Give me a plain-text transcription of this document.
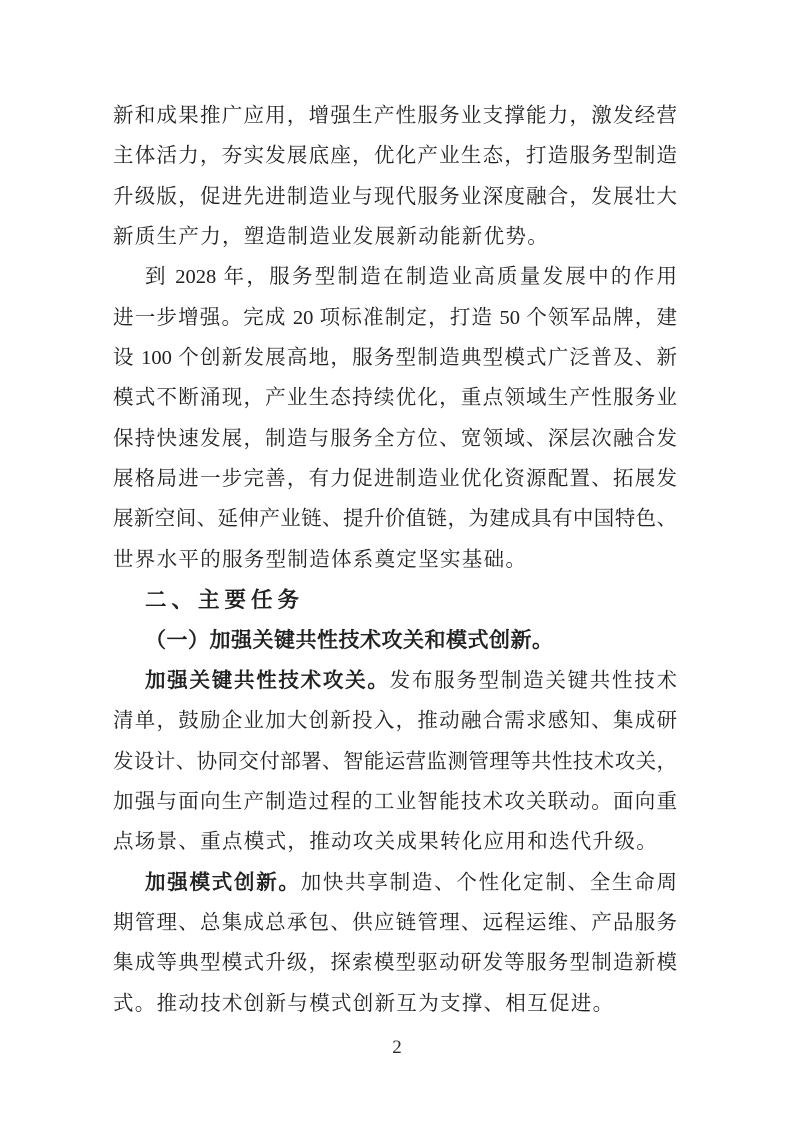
新和成果推广应用，增强生产性服务业支撑能力，激发经营
主体活力，夯实发展底座，优化产业生态，打造服务型制造
升级版，促进先进制造业与现代服务业深度融合，发展壮大
新质生产力，塑造制造业发展新动能新优势。
到 2028 年，服务型制造在制造业高质量发展中的作用
进一步增强。完成 20 项标准制定，打造 50 个领军品牌，建
设 100 个创新发展高地，服务型制造典型模式广泛普及、新
模式不断涌现，产业生态持续优化，重点领域生产性服务业
保持快速发展，制造与服务全方位、宽领域、深层次融合发
展格局进一步完善，有力促进制造业优化资源配置、拓展发
展新空间、延伸产业链、提升价值链，为建成具有中国特色、
世界水平的服务型制造体系奠定坚实基础。
二、主要任务
（一）加强关键共性技术攻关和模式创新。
加强关键共性技术攻关。发布服务型制造关键共性技术
清单，鼓励企业加大创新投入，推动融合需求感知、集成研
发设计、协同交付部署、智能运营监测管理等共性技术攻关，
加强与面向生产制造过程的工业智能技术攻关联动。面向重
点场景、重点模式，推动攻关成果转化应用和迭代升级。
加强模式创新。加快共享制造、个性化定制、全生命周
期管理、总集成总承包、供应链管理、远程运维、产品服务
集成等典型模式升级，探索模型驱动研发等服务型制造新模
式。推动技术创新与模式创新互为支撑、相互促进。
2
